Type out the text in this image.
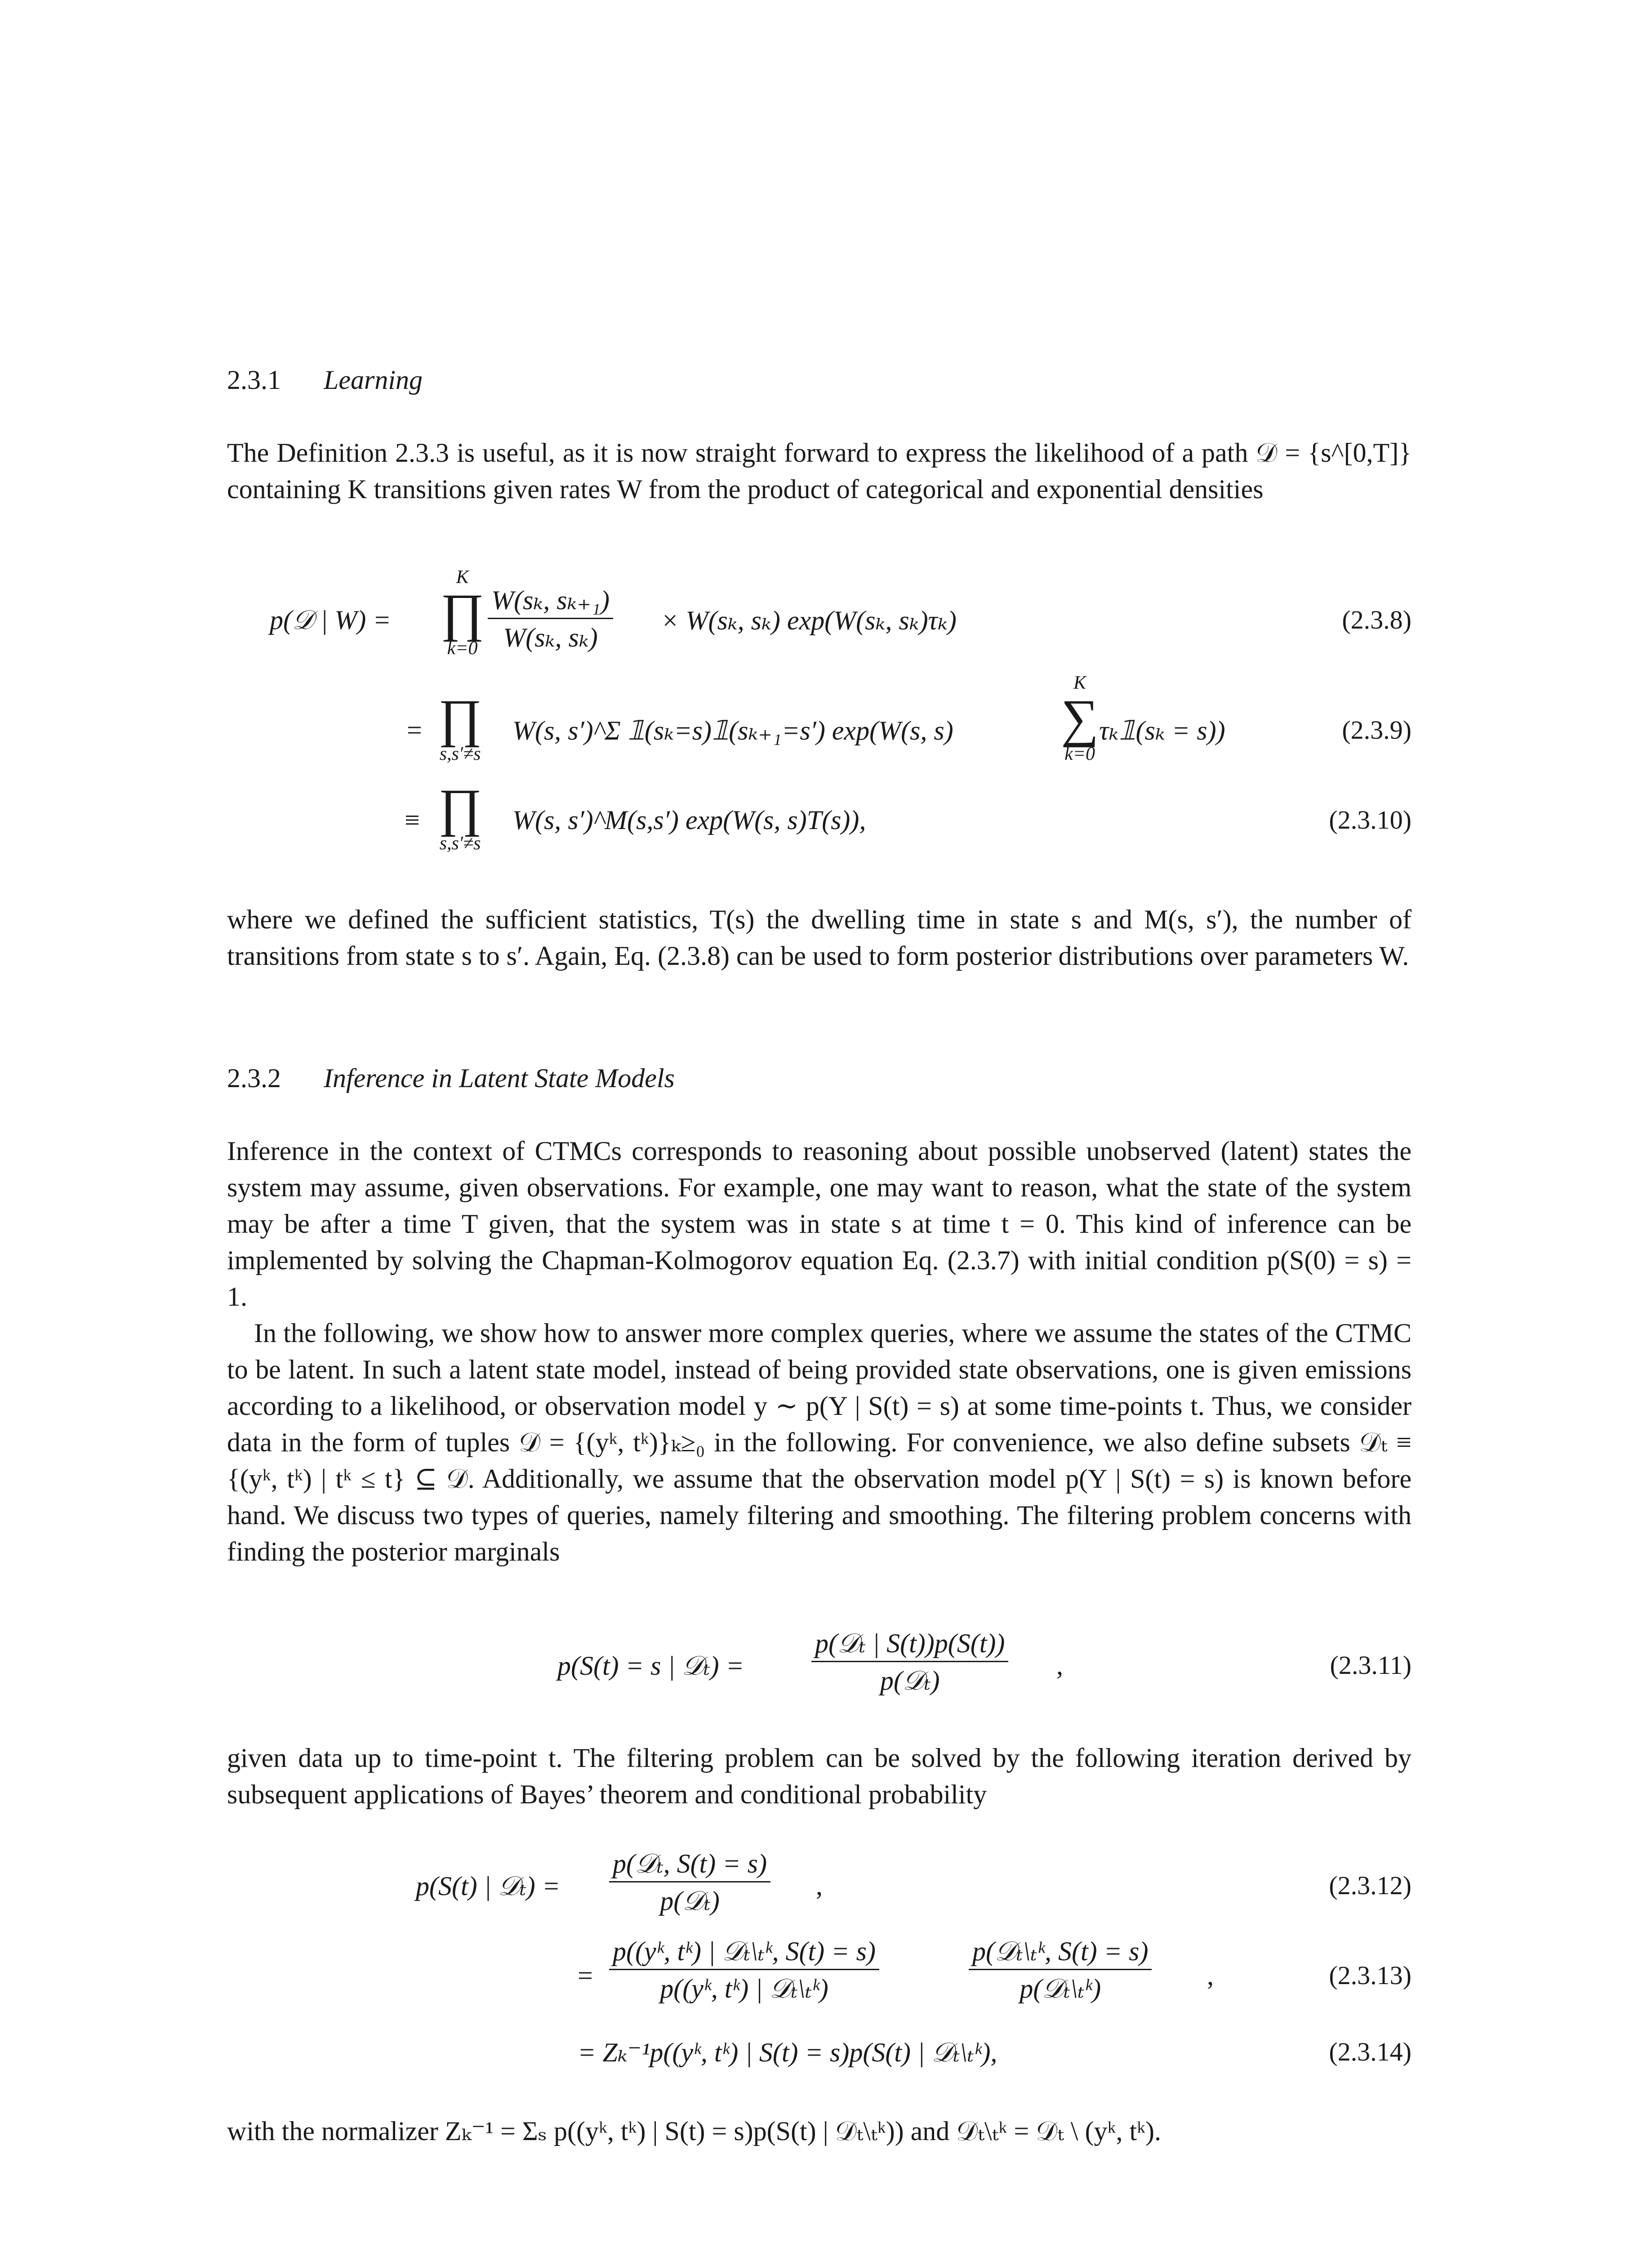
2.3.1 Learning
The Definition 2.3.3 is useful, as it is now straight forward to express the likelihood of a path 𝒟 = {s^[0,T]} containing K transitions given rates W from the product of categorical and exponential densities
p(𝒟 | W) =
K
∏
$k=0 \frac{\text{W(sₖ, sₖ₊₁)}}{\text{W(sₖ, sₖ)}} \times W(s_k$, sₖ) exp(W(sₖ, sₖ)τₖ)	(2.3.8)
= ∏
s,s′≠s
W(s, s′)^Σ 𝟙(sₖ=s)𝟙(sₖ₊₁=s′) exp(W(s, s)
K
∑
k=0
τₖ𝟙(sₖ = s))	(2.3.9)
≡ ∏
s,s′≠s
W(s, s′)^M(s,s′) exp(W(s, s)T(s)),	(2.3.10)
where we defined the sufficient statistics, T(s) the dwelling time in state s and M(s, s′), the number of transitions from state s to s′. Again, Eq. (2.3.8) can be used to form posterior distributions over parameters W.
2.3.2 Inference in Latent State Models
Inference in the context of CTMCs corresponds to reasoning about possible unobserved (latent) states the system may assume, given observations. For example, one may want to reason, what the state of the system may be after a time T given, that the system was in state s at time t = 0. This kind of inference can be implemented by solving the Chapman-Kolmogorov equation Eq. (2.3.7) with initial condition p(S(0) = s) = 1.
In the following, we show how to answer more complex queries, where we assume the states of the CTMC to be latent. In such a latent state model, instead of being provided state observations, one is given emissions according to a likelihood, or observation model y ∼ p(Y | S(t) = s) at some time-points t. Thus, we consider data in the form of tuples 𝒟 = {(yᵏ, tᵏ)}ₖ≥₀ in the following. For convenience, we also define subsets 𝒟ₜ ≡ {(yᵏ, tᵏ) | tᵏ ≤ t} ⊆ 𝒟. Additionally, we assume that the observation model p(Y | S(t) = s) is known before hand. We discuss two types of queries, namely filtering and smoothing. The filtering problem concerns with finding the posterior marginals
p(S(t) = s | 𝒟ₜ) = $\frac{\text{p(𝒟ₜ | S(t))p(S(t))}}{\text{p(𝒟ₜ)}}$ ,	(2.3.11)
given data up to time-point t. The filtering problem can be solved by the following iteration derived by subsequent applications of Bayes’ theorem and conditional probability
p(S(t) | 𝒟ₜ) = $\frac{\text{p(𝒟ₜ, S(t) = s)}}{\text{p(𝒟ₜ)}}$ ,	(2.3.12)
= $\frac{\text{p((yᵏ, tᵏ) | 𝒟ₜ\textbackslash{}ₜᵏ, S(t) = s)}}{\text{p((yᵏ, tᵏ) | 𝒟ₜ\textbackslash{}ₜᵏ)}}$	$\frac{\text{p(𝒟ₜ\textbackslash{}ₜᵏ, S(t) = s)}}{\text{p(𝒟ₜ\textbackslash{}ₜᵏ)}}$ ,	(2.3.13)
= Zₖ⁻¹p((yᵏ, tᵏ) | S(t) = s)p(S(t) | 𝒟ₜ\ₜᵏ),	(2.3.14)
with the normalizer Zₖ⁻¹ = Σₛ p((yᵏ, tᵏ) | S(t) = s)p(S(t) | 𝒟ₜ\ₜᵏ)) and 𝒟ₜ\ₜᵏ = 𝒟ₜ \ (yᵏ, tᵏ).
